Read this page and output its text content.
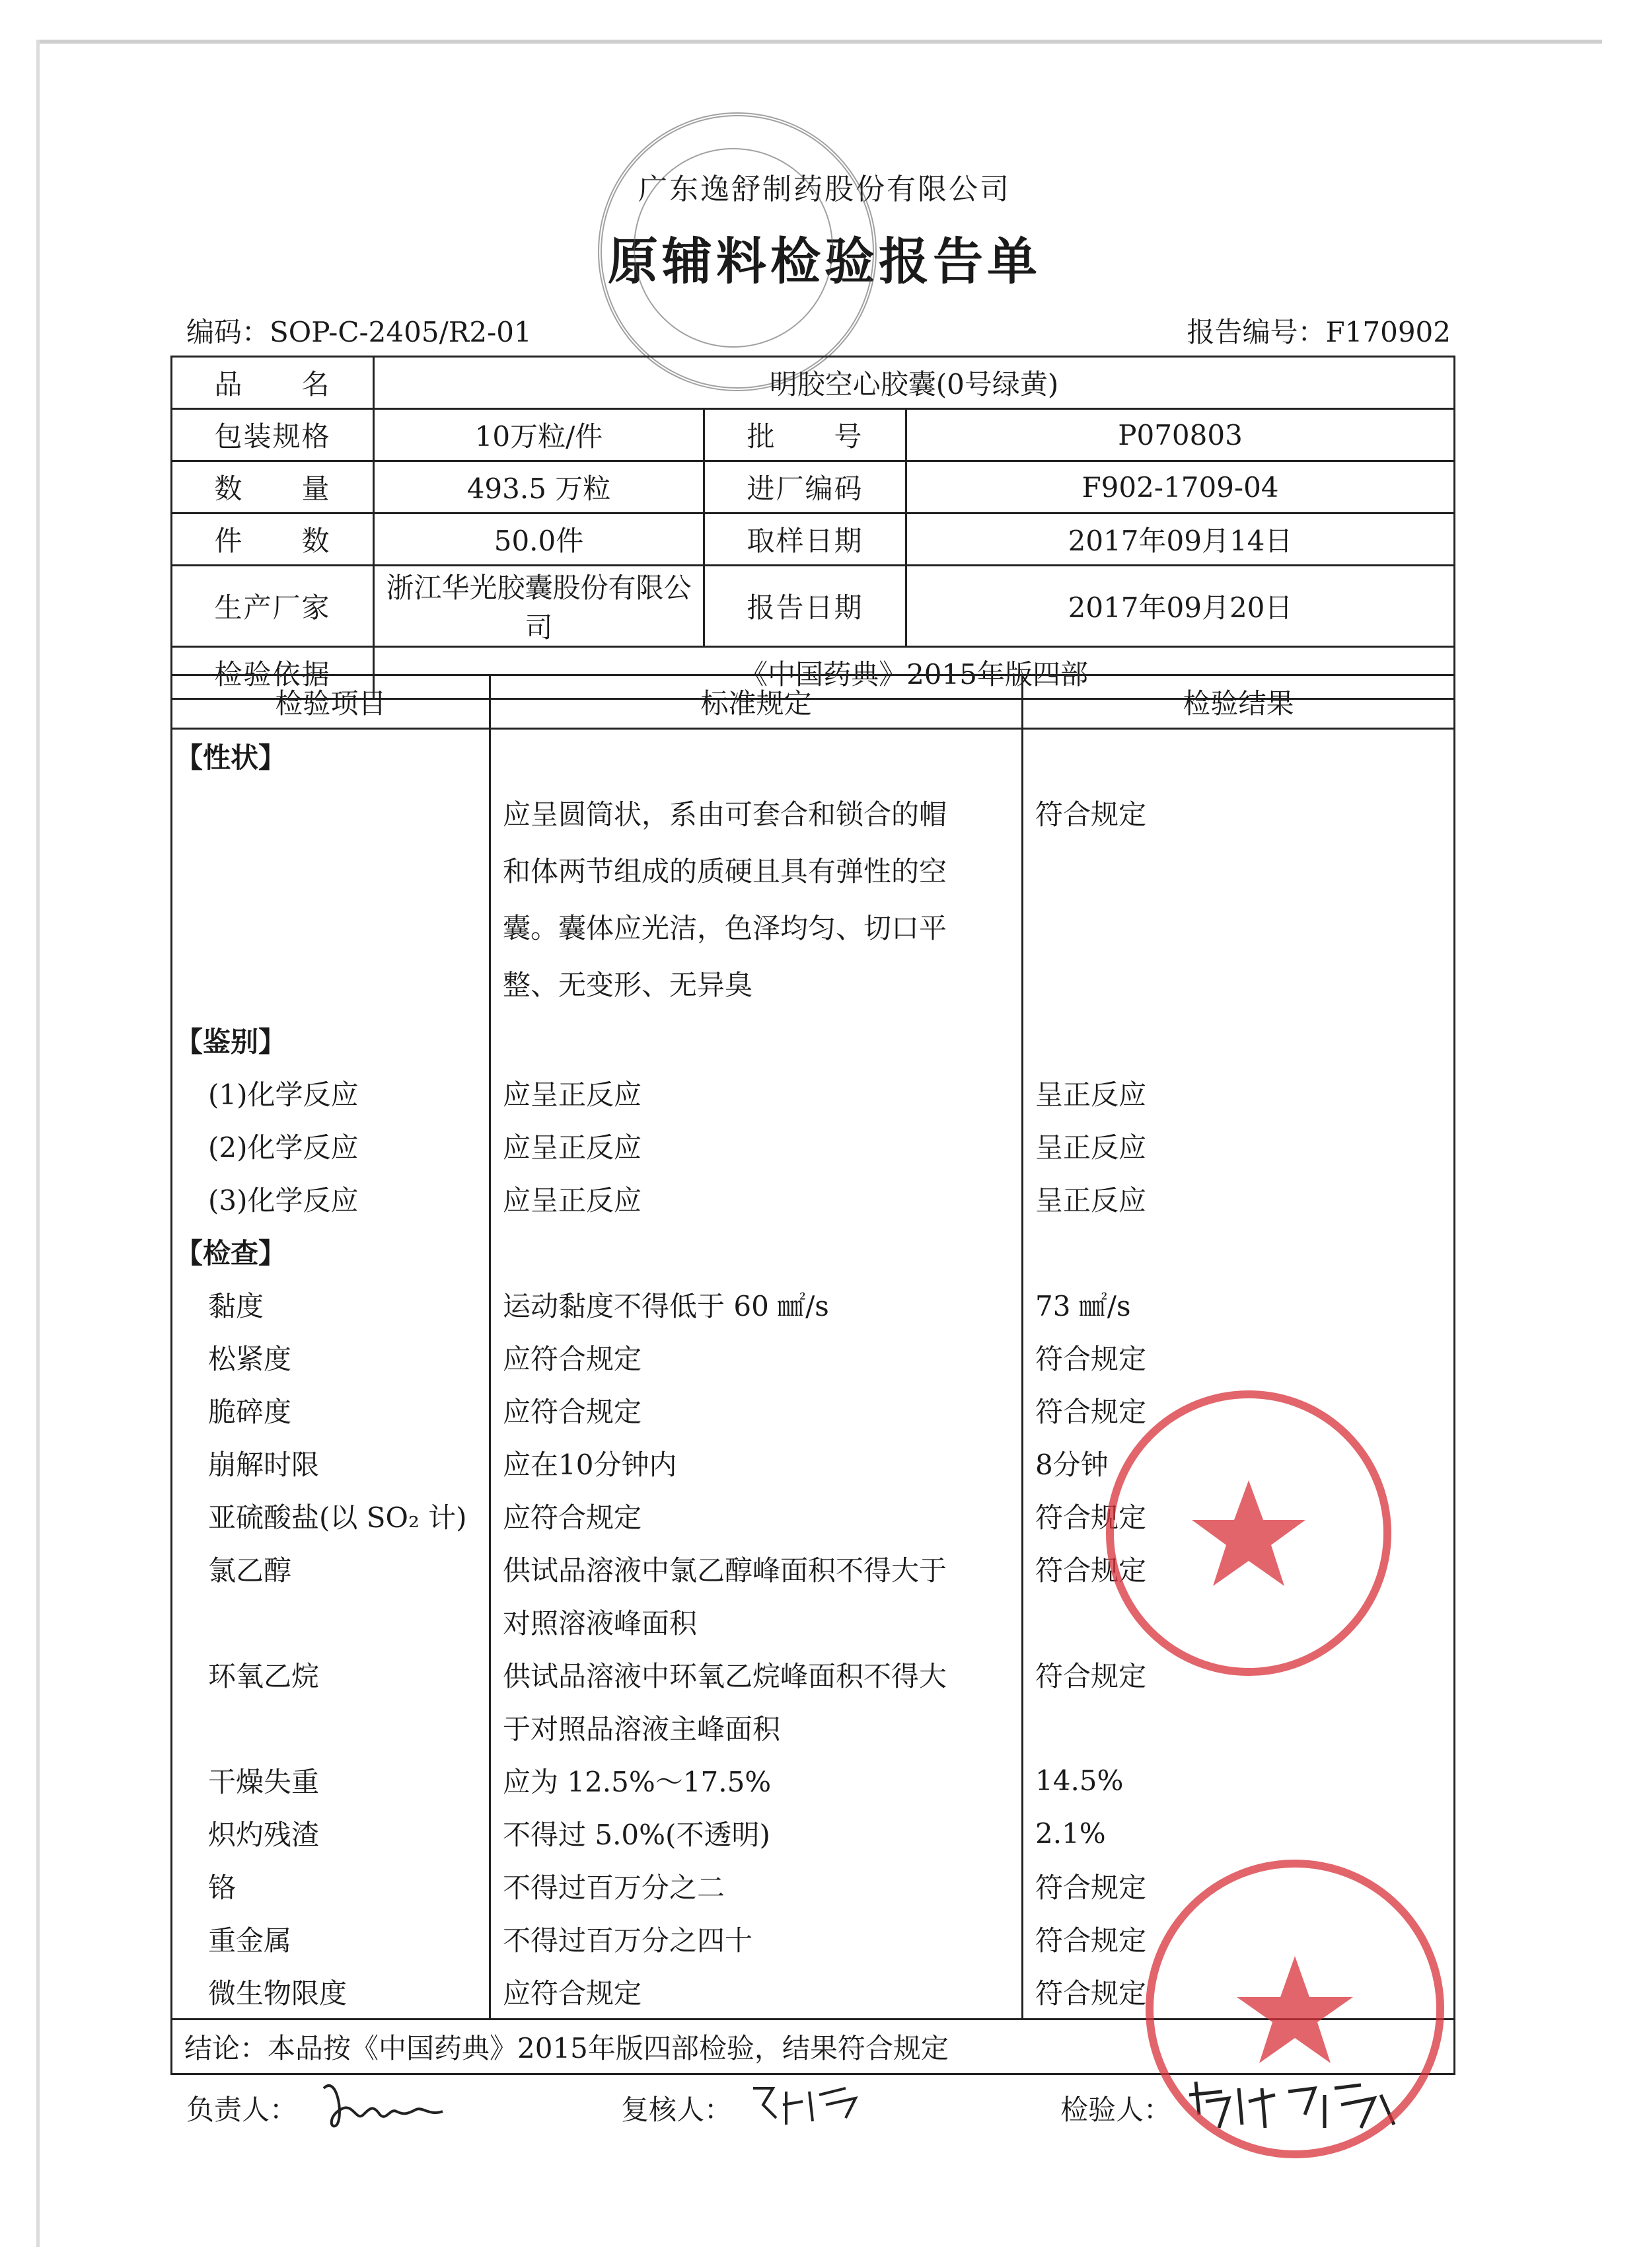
广东逸舒制药股份有限公司
原辅料检验报告单
编码：SOP-C-2405/R2-01	报告编号：F170902
品　　名	明胶空心胶囊(0号绿黄)		
包装规格	10万粒/件	批　　号	P070803
数　　量	493.5 万粒	进厂编码	F902-1709-04
件　　数	50.0件	取样日期	2017年09月14日
生产厂家	浙江华光胶囊股份有限公司	报告日期	2017年09月20日
检验依据	《中国药典》2015年版四部		
检验项目	标准规定	检验结果
【性状】		

	应呈圆筒状，系由可套合和锁合的帽
和体两节组成的质硬且具有弹性的空
囊。囊体应光洁，色泽均匀、切口平
整、无变形、无异臭	符合规定
【鉴别】		
(1)化学反应	应呈正反应	呈正反应
(2)化学反应	应呈正反应	呈正反应
(3)化学反应	应呈正反应	呈正反应
【检查】		
黏度	运动黏度不得低于 60 ㎟/s	73 ㎟/s
松紧度	应符合规定	符合规定
脆碎度	应符合规定	符合规定
崩解时限	应在10分钟内	8分钟
亚硫酸盐(以 SO₂ 计)	应符合规定	符合规定
氯乙醇	供试品溶液中氯乙醇峰面积不得大于	符合规定
	对照溶液峰面积	
环氧乙烷	供试品溶液中环氧乙烷峰面积不得大	符合规定
	于对照品溶液主峰面积	
干燥失重	应为 12.5%～17.5%	14.5%
炽灼残渣	不得过 5.0%(不透明)	2.1%
铬	不得过百万分之二	符合规定
重金属	不得过百万分之四十	符合规定
微生物限度	应符合规定	符合规定
结论：本品按《中国药典》2015年版四部检验，结果符合规定		
负责人：	复核人：	检验人：
